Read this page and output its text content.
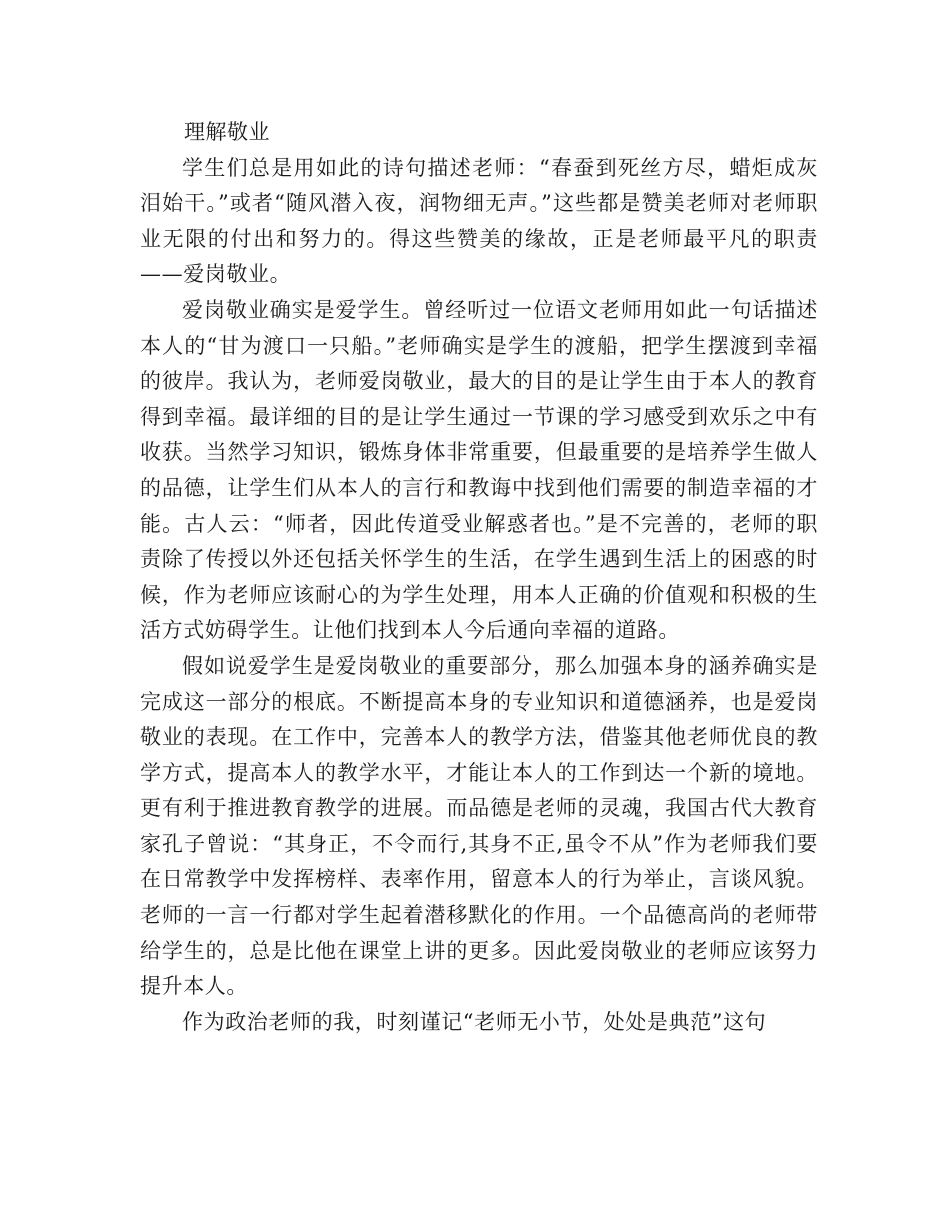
理解敬业

学生们总是用如此的诗句描述老师：“春蚕到死丝方尽，蜡炬成灰泪始干。”或者“随风潜入夜，润物细无声。”这些都是赞美老师对老师职业无限的付出和努力的。得这些赞美的缘故，正是老师最平凡的职责——爱岗敬业。

爱岗敬业确实是爱学生。曾经听过一位语文老师用如此一句话描述本人的“甘为渡口一只船。”老师确实是学生的渡船，把学生摆渡到幸福的彼岸。我认为，老师爱岗敬业，最大的目的是让学生由于本人的教育得到幸福。最详细的目的是让学生通过一节课的学习感受到欢乐之中有收获。当然学习知识，锻炼身体非常重要，但最重要的是培养学生做人的品德，让学生们从本人的言行和教诲中找到他们需要的制造幸福的才能。古人云：“师者，因此传道受业解惑者也。”是不完善的，老师的职责除了传授以外还包括关怀学生的生活，在学生遇到生活上的困惑的时候，作为老师应该耐心的为学生处理，用本人正确的价值观和积极的生活方式妨碍学生。让他们找到本人今后通向幸福的道路。

假如说爱学生是爱岗敬业的重要部分，那么加强本身的涵养确实是完成这一部分的根底。不断提高本身的专业知识和道德涵养，也是爱岗敬业的表现。在工作中，完善本人的教学方法，借鉴其他老师优良的教学方式，提高本人的教学水平，才能让本人的工作到达一个新的境地。更有利于推进教育教学的进展。而品德是老师的灵魂，我国古代大教育家孔子曾说：“其身正，不令而行,其身不正,虽令不从”作为老师我们要在日常教学中发挥榜样、表率作用，留意本人的行为举止，言谈风貌。老师的一言一行都对学生起着潜移默化的作用。一个品德高尚的老师带给学生的，总是比他在课堂上讲的更多。因此爱岗敬业的老师应该努力提升本人。

作为政治老师的我，时刻谨记“老师无小节，处处是典范”这句
